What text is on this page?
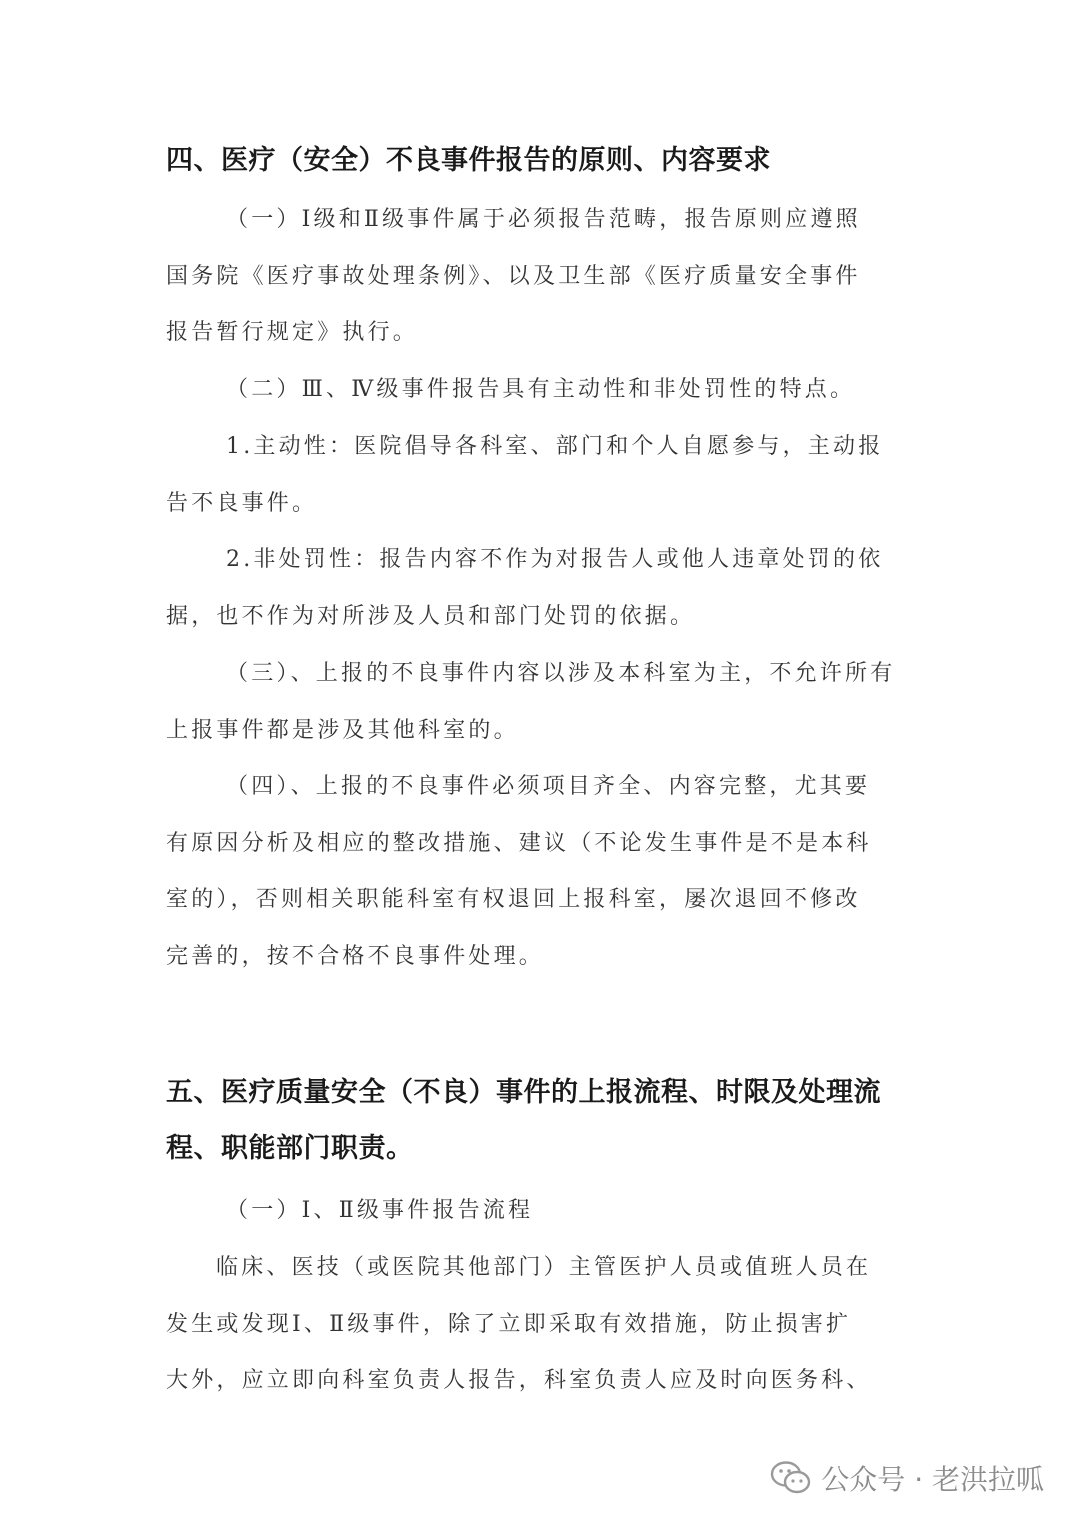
四、医疗（安全）不良事件报告的原则、内容要求
（一）Ⅰ级和Ⅱ级事件属于必须报告范畴，报告原则应遵照
国务院《医疗事故处理条例》、以及卫生部《医疗质量安全事件
报告暂行规定》执行。
（二）Ⅲ、Ⅳ级事件报告具有主动性和非处罚性的特点。
1.主动性：医院倡导各科室、部门和个人自愿参与，主动报
告不良事件。
2.非处罚性：报告内容不作为对报告人或他人违章处罚的依
据，也不作为对所涉及人员和部门处罚的依据。
（三）、上报的不良事件内容以涉及本科室为主，不允许所有
上报事件都是涉及其他科室的。
（四）、上报的不良事件必须项目齐全、内容完整，尤其要
有原因分析及相应的整改措施、建议（不论发生事件是不是本科
室的），否则相关职能科室有权退回上报科室，屡次退回不修改
完善的，按不合格不良事件处理。
五、医疗质量安全（不良）事件的上报流程、时限及处理流
程、职能部门职责。
（一）Ⅰ、Ⅱ级事件报告流程
临床、医技（或医院其他部门）主管医护人员或值班人员在
发生或发现Ⅰ、Ⅱ级事件，除了立即采取有效措施，防止损害扩
大外，应立即向科室负责人报告，科室负责人应及时向医务科、
公众号 · 老洪拉呱
